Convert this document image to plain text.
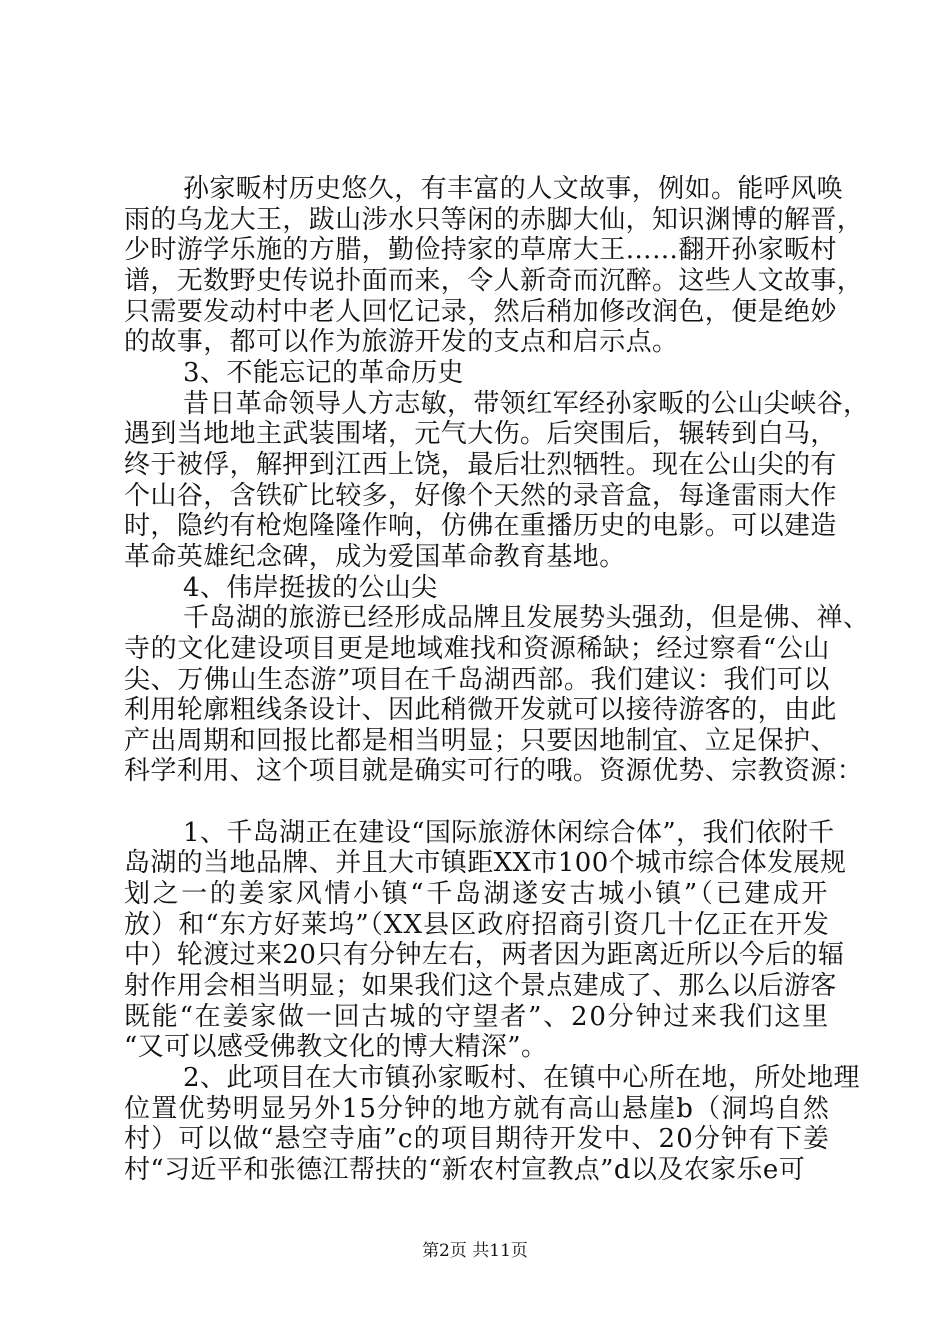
孙家畈村历史悠久，有丰富的人文故事，例如。能呼风唤
雨的乌龙大王，跋山涉水只等闲的赤脚大仙，知识渊博的解晋，
少时游学乐施的方腊，勤俭持家的草席大王……翻开孙家畈村
谱，无数野史传说扑面而来，令人新奇而沉醉。这些人文故事，
只需要发动村中老人回忆记录，然后稍加修改润色，便是绝妙
的故事，都可以作为旅游开发的支点和启示点。
3、不能忘记的革命历史
昔日革命领导人方志敏，带领红军经孙家畈的公山尖峡谷，
遇到当地地主武装围堵，元气大伤。后突围后，辗转到白马，
终于被俘，解押到江西上饶，最后壮烈牺牲。现在公山尖的有
个山谷，含铁矿比较多，好像个天然的录音盒，每逢雷雨大作
时，隐约有枪炮隆隆作响，仿佛在重播历史的电影。可以建造
革命英雄纪念碑，成为爱国革命教育基地。
4、伟岸挺拔的公山尖
千岛湖的旅游已经形成品牌且发展势头强劲，但是佛、禅、
寺的文化建设项目更是地域难找和资源稀缺；经过察看“公山
尖、万佛山生态游”项目在千岛湖西部。我们建议：我们可以
利用轮廓粗线条设计、因此稍微开发就可以接待游客的，由此
产出周期和回报比都是相当明显；只要因地制宜、立足保护、
科学利用、这个项目就是确实可行的哦。资源优势、宗教资源：
1、千岛湖正在建设“国际旅游休闲综合体”，我们依附千
岛湖的当地品牌、并且大市镇距XX市100个城市综合体发展规
划之一的姜家风情小镇“千岛湖遂安古城小镇”（已建成开
放）和“东方好莱坞”（XX县区政府招商引资几十亿正在开发
中）轮渡过来20只有分钟左右，两者因为距离近所以今后的辐
射作用会相当明显；如果我们这个景点建成了、那么以后游客
既能“在姜家做一回古城的守望者”、20分钟过来我们这里
“又可以感受佛教文化的博大精深”。
2、此项目在大市镇孙家畈村、在镇中心所在地，所处地理
位置优势明显另外15分钟的地方就有高山悬崖b（洞坞自然
村）可以做“悬空寺庙”c的项目期待开发中、20分钟有下姜
村“习近平和张德江帮扶的“新农村宣教点”d以及农家乐e可
第2页 共11页
